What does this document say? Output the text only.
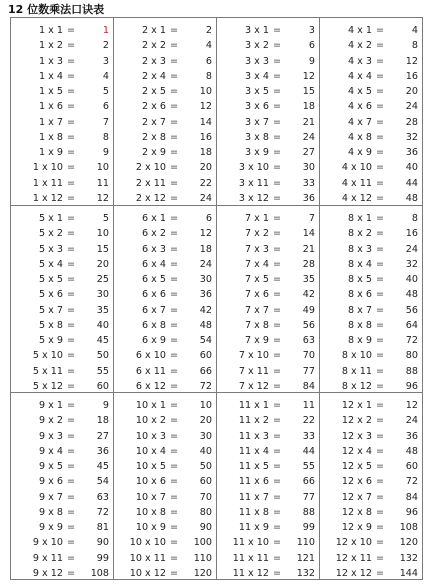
12 位数乘法口诀表
1 x 1 =	1
1 x 2 =	2
1 x 3 =	3
1 x 4 =	4
1 x 5 =	5
1 x 6 =	6
1 x 7 =	7
1 x 8 =	8
1 x 9 =	9
1 x 10 =	10
1 x 11 =	11
1 x 12 =	12
2 x 1 =	2
2 x 2 =	4
2 x 3 =	6
2 x 4 =	8
2 x 5 =	10
2 x 6 =	12
2 x 7 =	14
2 x 8 =	16
2 x 9 =	18
2 x 10 =	20
2 x 11 =	22
2 x 12 =	24
3 x 1 =	3
3 x 2 =	6
3 x 3 =	9
3 x 4 =	12
3 x 5 =	15
3 x 6 =	18
3 x 7 =	21
3 x 8 =	24
3 x 9 =	27
3 x 10 =	30
3 x 11 =	33
3 x 12 =	36
4 x 1 =	4
4 x 2 =	8
4 x 3 =	12
4 x 4 =	16
4 x 5 =	20
4 x 6 =	24
4 x 7 =	28
4 x 8 =	32
4 x 9 =	36
4 x 10 =	40
4 x 11 =	44
4 x 12 =	48
5 x 1 =	5
5 x 2 =	10
5 x 3 =	15
5 x 4 =	20
5 x 5 =	25
5 x 6 =	30
5 x 7 =	35
5 x 8 =	40
5 x 9 =	45
5 x 10 =	50
5 x 11 =	55
5 x 12 =	60
6 x 1 =	6
6 x 2 =	12
6 x 3 =	18
6 x 4 =	24
6 x 5 =	30
6 x 6 =	36
6 x 7 =	42
6 x 8 =	48
6 x 9 =	54
6 x 10 =	60
6 x 11 =	66
6 x 12 =	72
7 x 1 =	7
7 x 2 =	14
7 x 3 =	21
7 x 4 =	28
7 x 5 =	35
7 x 6 =	42
7 x 7 =	49
7 x 8 =	56
7 x 9 =	63
7 x 10 =	70
7 x 11 =	77
7 x 12 =	84
8 x 1 =	8
8 x 2 =	16
8 x 3 =	24
8 x 4 =	32
8 x 5 =	40
8 x 6 =	48
8 x 7 =	56
8 x 8 =	64
8 x 9 =	72
8 x 10 =	80
8 x 11 =	88
8 x 12 =	96
9 x 1 =	9
9 x 2 =	18
9 x 3 =	27
9 x 4 =	36
9 x 5 =	45
9 x 6 =	54
9 x 7 =	63
9 x 8 =	72
9 x 9 =	81
9 x 10 =	90
9 x 11 =	99
9 x 12 =	108
10 x 1 =	10
10 x 2 =	20
10 x 3 =	30
10 x 4 =	40
10 x 5 =	50
10 x 6 =	60
10 x 7 =	70
10 x 8 =	80
10 x 9 =	90
10 x 10 =	100
10 x 11 =	110
10 x 12 =	120
11 x 1 =	11
11 x 2 =	22
11 x 3 =	33
11 x 4 =	44
11 x 5 =	55
11 x 6 =	66
11 x 7 =	77
11 x 8 =	88
11 x 9 =	99
11 x 10 =	110
11 x 11 =	121
11 x 12 =	132
12 x 1 =	12
12 x 2 =	24
12 x 3 =	36
12 x 4 =	48
12 x 5 =	60
12 x 6 =	72
12 x 7 =	84
12 x 8 =	96
12 x 9 =	108
12 x 10 =	120
12 x 11 =	132
12 x 12 =	144
